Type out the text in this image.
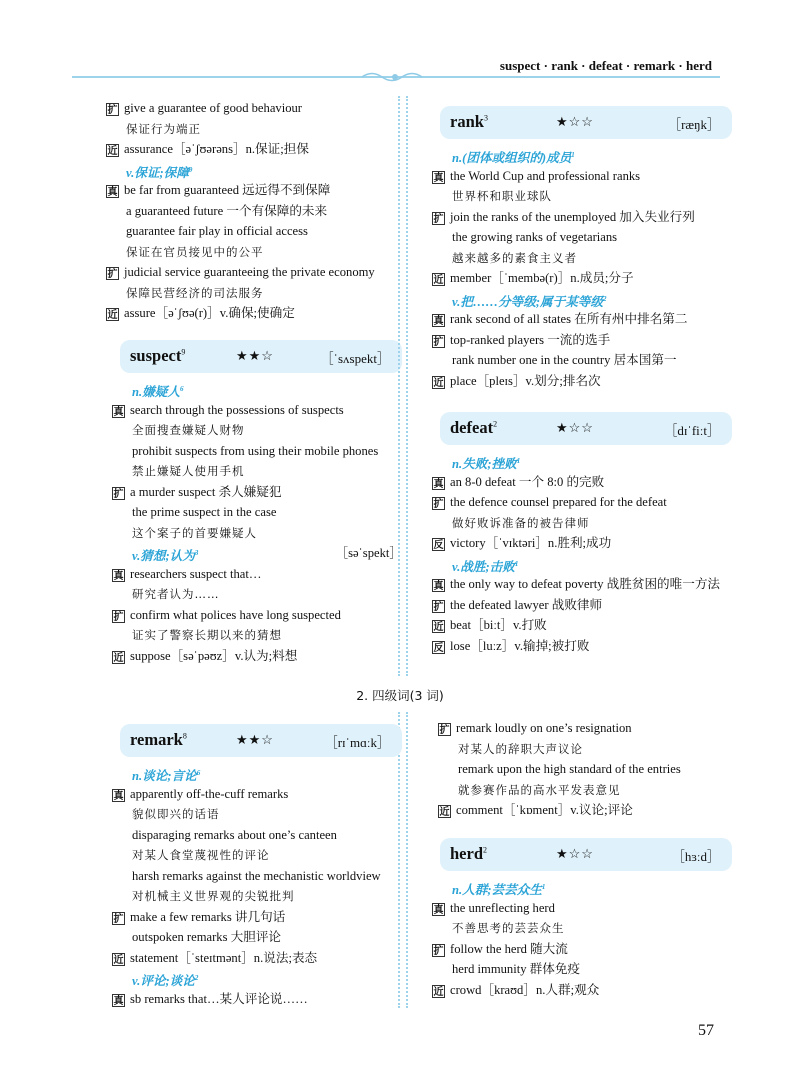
suspect · rank · defeat · remark · herd
扩 give a guarantee of good behaviour
保证行为端正
近 assurance［əˈʃʊərəns］n.保证;担保
v.保证;保障$^9$
真 be far from guaranteed 远远得不到保障
a guaranteed future 一个有保障的未来
guarantee fair play in official access
保证在官员接见中的公平
扩 judicial service guaranteeing the private economy
保障民营经济的司法服务
近 assure［əˈʃʊə(r)］v.确保;使确定
suspect$^9$	★★☆	［ˈsʌspekt］
n.嫌疑人$^6$
真 search through the possessions of suspects
全面搜查嫌疑人财物
prohibit suspects from using their mobile phones
禁止嫌疑人使用手机
扩 a murder suspect 杀人嫌疑犯
the prime suspect in the case
这个案子的首要嫌疑人
v.猜想;认为$^3$	［səˈspekt］
真 researchers suspect that…
研究者认为……
扩 confirm what polices have long suspected
证实了警察长期以来的猜想
近 suppose［səˈpəʊz］v.认为;料想
rank$^3$	★☆☆	［ræŋk］
n.(团体或组织的)成员$^1$
真 the World Cup and professional ranks
世界杯和职业球队
扩 join the ranks of the unemployed 加入失业行列
the growing ranks of vegetarians
越来越多的素食主义者
近 member［ˈmembə(r)］n.成员;分子
v.把……分等级;属于某等级$^2$
真 rank second of all states 在所有州中排名第二
扩 top-ranked players 一流的选手
rank number one in the country 居本国第一
近 place［pleɪs］v.划分;排名次
defeat$^2$	★☆☆	［dɪˈfiːt］
n.失败;挫败$^1$
真 an 8-0 defeat 一个 8:0 的完败
扩 the defence counsel prepared for the defeat
做好败诉准备的被告律师
反 victory［ˈvɪktəri］n.胜利;成功
v.战胜;击败$^1$
真 the only way to defeat poverty 战胜贫困的唯一方法
扩 the defeated lawyer 战败律师
近 beat［biːt］v.打败
反 lose［luːz］v.输掉;被打败
2. 四级词(3 词)
remark$^8$	★★☆	［rɪˈmɑːk］
n.谈论;言论$^6$
真 apparently off-the-cuff remarks
貌似即兴的话语
disparaging remarks about one’s canteen
对某人食堂蔑视性的评论
harsh remarks against the mechanistic worldview
对机械主义世界观的尖锐批判
扩 make a few remarks 讲几句话
outspoken remarks 大胆评论
近 statement［ˈsteɪtmənt］n.说法;表态
v.评论;谈论$^2$
真 sb remarks that…某人评论说……
扩 remark loudly on one’s resignation
对某人的辞职大声议论
remark upon the high standard of the entries
就参赛作品的高水平发表意见
近 comment［ˈkɒment］v.议论;评论
herd$^2$	★☆☆	［hɜːd］
n.人群;芸芸众生$^1$
真 the unreflecting herd
不善思考的芸芸众生
扩 follow the herd 随大流
herd immunity 群体免疫
近 crowd［kraʊd］n.人群;观众
57
